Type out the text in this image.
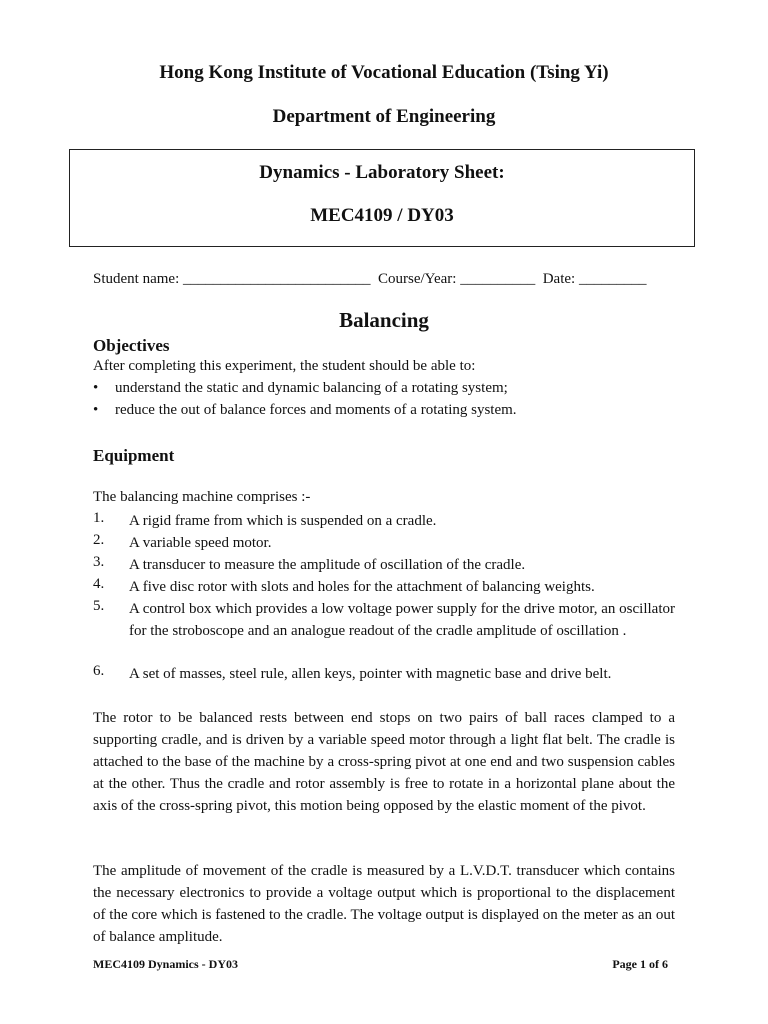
Hong Kong Institute of Vocational Education (Tsing Yi)
Department of Engineering
Dynamics - Laboratory Sheet:
MEC4109 / DY03
Student name: _________________________  Course/Year: __________  Date: _________
Balancing
Objectives
After completing this experiment, the student should be able to:
• understand the static and dynamic balancing of a rotating system;
• reduce the out of balance forces and moments of a rotating system.
Equipment
The balancing machine comprises :-
1. A rigid frame from which is suspended on a cradle.
2. A variable speed motor.
3. A transducer to measure the amplitude of oscillation of the cradle.
4. A five disc rotor with slots and holes for the attachment of balancing weights.
5. A control box which provides a low voltage power supply for the drive motor, an oscillator for the stroboscope and an analogue readout of the cradle amplitude of oscillation .
6. A set of masses, steel rule, allen keys, pointer with magnetic base and drive belt.
The rotor to be balanced rests between end stops on two pairs of ball races clamped to a supporting cradle, and is driven by a variable speed motor through a light flat belt. The cradle is attached to the base of the machine by a cross-spring pivot at one end and two suspension cables at the other. Thus the cradle and rotor assembly is free to rotate in a horizontal plane about the axis of the cross-spring pivot, this motion being opposed by the elastic moment of the pivot.
The amplitude of movement of the cradle is measured by a L.V.D.T. transducer which contains the necessary electronics to provide a voltage output which is proportional to the displacement of the core which is fastened to the cradle. The voltage output is displayed on the meter as an out of balance amplitude.
MEC4109 Dynamics - DY03	Page 1 of 6
